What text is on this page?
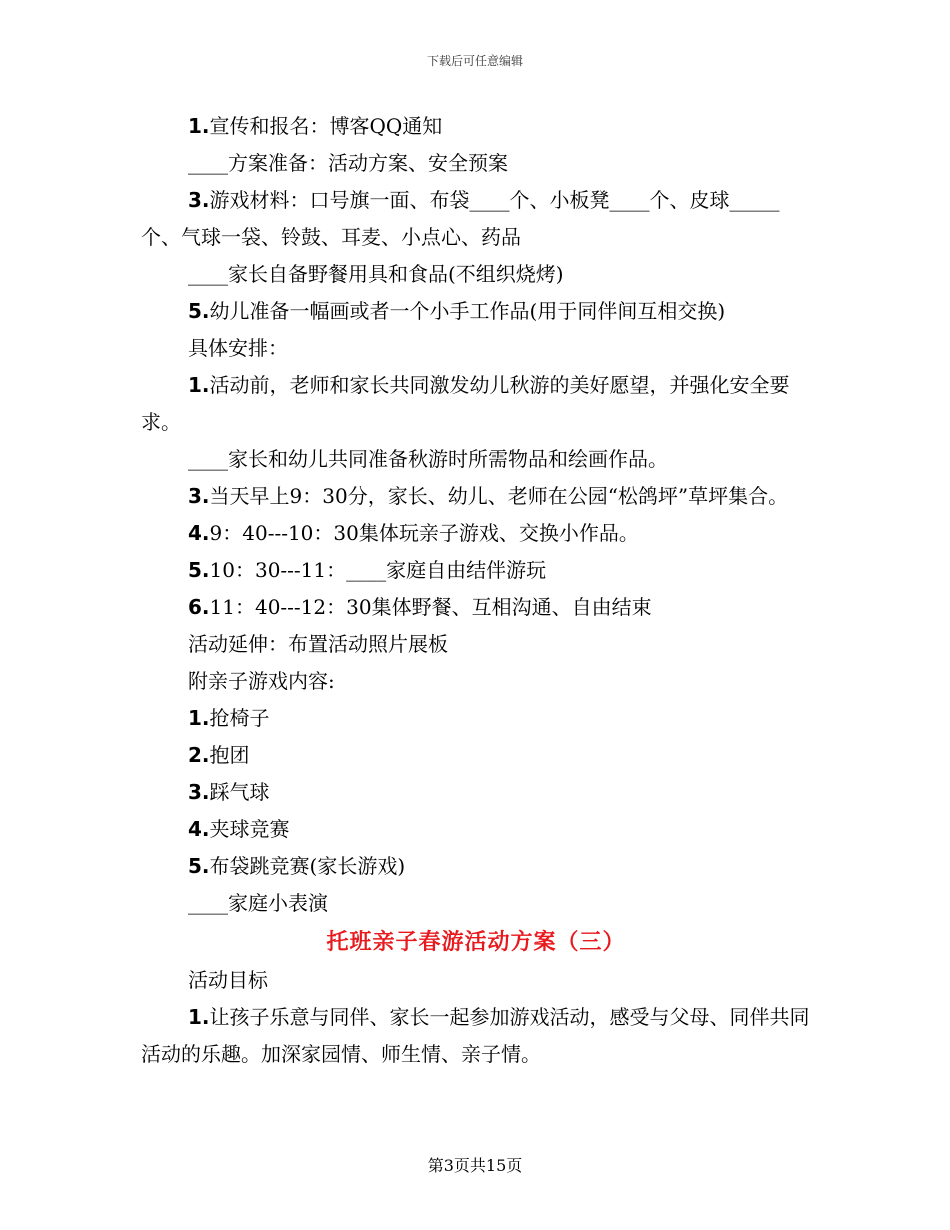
下载后可任意编辑

1.宣传和报名：博客QQ通知

____方案准备：活动方案、安全预案

3.游戏材料：口号旗一面、布袋____个、小板凳____个、皮球_____个、气球一袋、铃鼓、耳麦、小点心、药品

____家长自备野餐用具和食品(不组织烧烤)

5.幼儿准备一幅画或者一个小手工作品(用于同伴间互相交换)

具体安排：

1.活动前，老师和家长共同激发幼儿秋游的美好愿望，并强化安全要求。

____家长和幼儿共同准备秋游时所需物品和绘画作品。

3.当天早上9：30分，家长、幼儿、老师在公园“松鸽坪”草坪集合。

4.9：40---10：30集体玩亲子游戏、交换小作品。

5.10：30---11：____家庭自由结伴游玩

6.11：40---12：30集体野餐、互相沟通、自由结束

活动延伸：布置活动照片展板

附亲子游戏内容:

1.抢椅子

2.抱团

3.踩气球

4.夹球竞赛

5.布袋跳竞赛(家长游戏)

____家庭小表演

托班亲子春游活动方案（三）

活动目标

1.让孩子乐意与同伴、家长一起参加游戏活动，感受与父母、同伴共同活动的乐趣。加深家园情、师生情、亲子情。

第3页共15页
